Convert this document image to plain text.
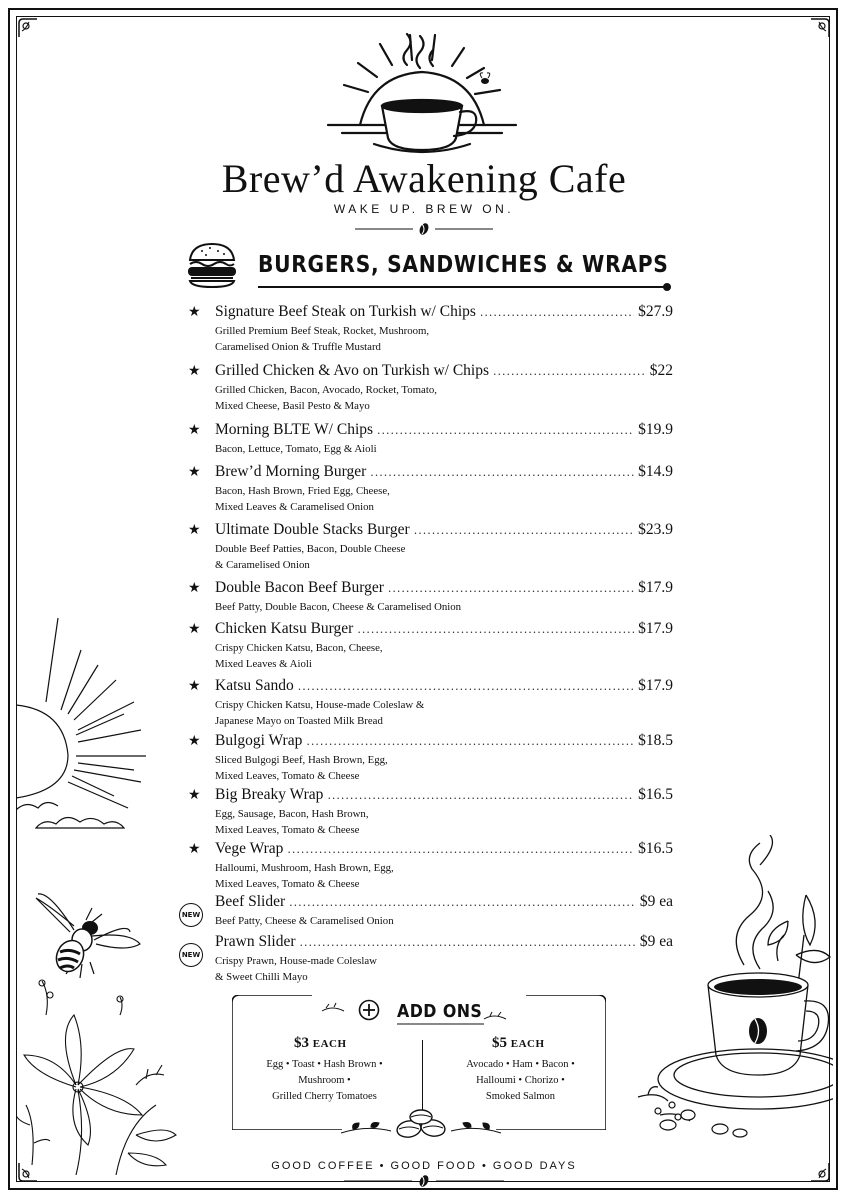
Brew’d Awakening Cafe
WAKE UP. BREW ON.
BURGERS, SANDWICHES & WRAPS
★ Signature Beef Steak on Turkish w/ Chips .....	$27.9
Grilled Premium Beef Steak, Rocket, Mushroom,
Caramelised Onion & Truffle Mustard
★ Grilled Chicken & Avo on Turkish w/ Chips .....	$22
Grilled Chicken, Bacon, Avocado, Rocket, Tomato,
Mixed Cheese, Basil Pesto & Mayo
★ Morning BLTE W/ Chips .....	$19.9
Bacon, Lettuce, Tomato, Egg & Aioli
★ Brew’d Morning Burger .....	$14.9
Bacon, Hash Brown, Fried Egg, Cheese,
Mixed Leaves & Caramelised Onion
★ Ultimate Double Stacks Burger .....	$23.9
Double Beef Patties, Bacon, Double Cheese
& Caramelised Onion
★ Double Bacon Beef Burger .....	$17.9
Beef Patty, Double Bacon, Cheese & Caramelised Onion
★ Chicken Katsu Burger .....	$17.9
Crispy Chicken Katsu, Bacon, Cheese,
Mixed Leaves & Aioli
★ Katsu Sando .....	$17.9
Crispy Chicken Katsu, House-made Coleslaw &
Japanese Mayo on Toasted Milk Bread
★ Bulgogi Wrap .....	$18.5
Sliced Bulgogi Beef, Hash Brown, Egg,
Mixed Leaves, Tomato & Cheese
★ Big Breaky Wrap .....	$16.5
Egg, Sausage, Bacon, Hash Brown,
Mixed Leaves, Tomato & Cheese
★ Vege Wrap .....	$16.5
Halloumi, Mushroom, Hash Brown, Egg,
Mixed Leaves, Tomato & Cheese
NEW
Beef Slider .....	$9 ea
Beef Patty, Cheese & Caramelised Onion
NEW
Prawn Slider .....	$9 ea
Crispy Prawn, House-made Coleslaw
& Sweet Chilli Mayo
ADD ONS
$3 EACH
Egg • Toast • Hash Brown •
Mushroom •
Grilled Cherry Tomatoes
$5 EACH
Avocado • Ham • Bacon •
Halloumi • Chorizo •
Smoked Salmon
GOOD COFFEE • GOOD FOOD • GOOD DAYS
